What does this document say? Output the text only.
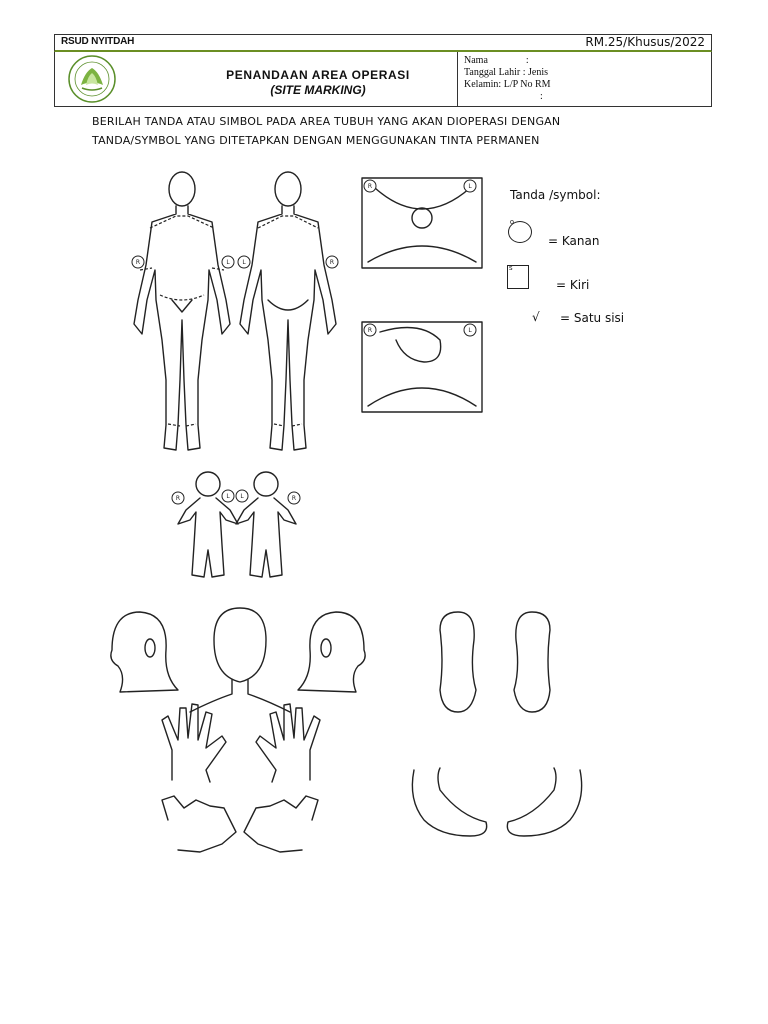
RSUD NYITDAH	RM.25/Khusus/2022
PENANDAAN AREA OPERASI
(SITE MARKING)
Nama	:
Tanggal Lahir : Jenis
Kelamin: L/P No RM
:
BERILAH TANDA ATAU SIMBOL PADA AREA TUBUH YANG AKAN DIOPERASI DENGAN
TANDA/SYMBOL YANG DITETAPKAN DENGAN MENGGUNAKAN TINTA PERMANEN
R	L L	R
R	L
R	L
R	L L	R
Tanda /symbol:
o
= Kanan
s
= Kiri
√ = Satu sisi
